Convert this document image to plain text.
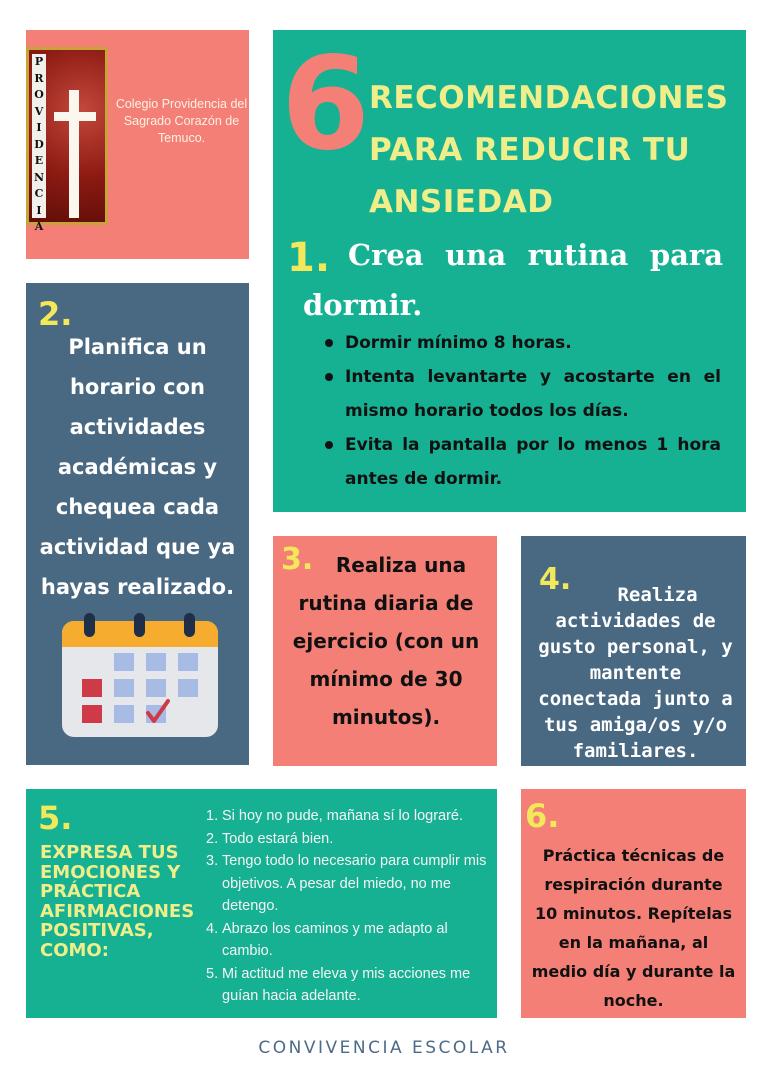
P
R
O
V
I
D
E
N
C
I
A
Colegio Providencia del Sagrado Corazón de Temuco. 6 RECOMENDACIONES PARA REDUCIR TU ANSIEDAD
1. Crea una rutina para dormir.
Dormir mínimo 8 horas.
Intenta levantarte y acostarte en el mismo horario todos los días.
Evita la pantalla por lo menos 1 hora antes de dormir.
2.
Planifica un horario con actividades académicas y chequea cada actividad que ya hayas realizado.
3.	Realiza una rutina diaria de ejercicio (con un mínimo de 30 minutos).
4.	Realiza actividades de gusto personal, y mantente conectada junto a tus amiga/os y/o familiares.
5.
EXPRESA TUS EMOCIONES Y PRÁCTICA AFIRMACIONES POSITIVAS, COMO:
1. Si hoy no pude, mañana sí lo lograré.
2. Todo estará bien.
3. Tengo todo lo necesario para cumplir mis objetivos. A pesar del miedo, no me detengo.
4. Abrazo los caminos y me adapto al cambio.
5. Mi actitud me eleva y mis acciones me guían hacia adelante.
6.
Práctica técnicas de respiración durante 10 minutos. Repítelas en la mañana, al medio día y durante la noche.
CONVIVENCIA ESCOLAR
